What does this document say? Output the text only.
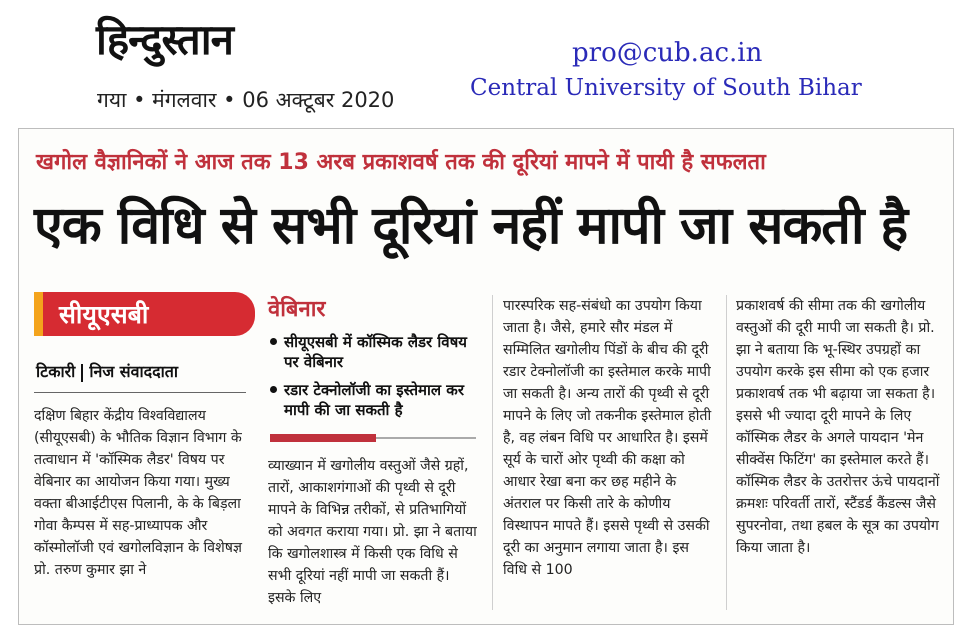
हिन्दुस्तान
गया • मंगलवार • 06 अक्टूबर 2020
pro@cub.ac.in
Central University of South Bihar
खगोल वैज्ञानिकों ने आज तक 13 अरब प्रकाशवर्ष तक की दूरियां मापने में पायी है सफलता
एक विधि से सभी दूरियां नहीं मापी जा सकती है
सीयूएसबी
टिकारी निज संवाददाता
दक्षिण बिहार केंद्रीय विश्वविद्यालय (सीयूएसबी) के भौतिक विज्ञान विभाग के तत्वाधान में 'कॉस्मिक लैडर' विषय पर वेबिनार का आयोजन किया गया। मुख्य वक्ता बीआईटीएस पिलानी, के के बिड़ला गोवा कैम्पस में सह-प्राध्यापक और कॉस्मोलॉजी एवं खगोलविज्ञान के विशेषज्ञ प्रो. तरुण कुमार झा ने
वेबिनार
सीयूएसबी में कॉस्मिक लैडर विषय पर वेबिनार
रडार टेक्नोलॉजी का इस्तेमाल कर मापी की जा सकती है
व्याख्यान में खगोलीय वस्तुओं जैसे ग्रहों, तारों, आकाशगंगाओं की पृथ्वी से दूरी मापने के विभिन्न तरीकों, से प्रतिभागियों को अवगत कराया गया। प्रो. झा ने बताया कि खगोलशास्त्र में किसी एक विधि से सभी दूरियां नहीं मापी जा सकती हैं। इसके लिए
पारस्परिक सह-संबंधो का उपयोग किया जाता है। जैसे, हमारे सौर मंडल में सम्मिलित खगोलीय पिंडों के बीच की दूरी रडार टेक्नोलॉजी का इस्तेमाल करके मापी जा सकती है। अन्य तारों की पृथ्वी से दूरी मापने के लिए जो तकनीक इस्तेमाल होती है, वह लंबन विधि पर आधारित है। इसमें सूर्य के चारों ओर पृथ्वी की कक्षा को आधार रेखा बना कर छह महीने के अंतराल पर किसी तारे के कोणीय विस्थापन मापते हैं। इससे पृथ्वी से उसकी दूरी का अनुमान लगाया जाता है। इस विधि से 100
प्रकाशवर्ष की सीमा तक की खगोलीय वस्तुओं की दूरी मापी जा सकती है। प्रो. झा ने बताया कि भू-स्थिर उपग्रहों का उपयोग करके इस सीमा को एक हजार प्रकाशवर्ष तक भी बढ़ाया जा सकता है। इससे भी ज्यादा दूरी मापने के लिए कॉस्मिक लैडर के अगले पायदान 'मेन सीक्वेंस फिटिंग' का इस्तेमाल करते हैं। कॉस्मिक लैडर के उतरोत्तर ऊंचे पायदानों क्रमशः परिवर्ती तारों, स्टैंडर्ड कैंडल्स जैसे सुपरनोवा, तथा हबल के सूत्र का उपयोग किया जाता है।
